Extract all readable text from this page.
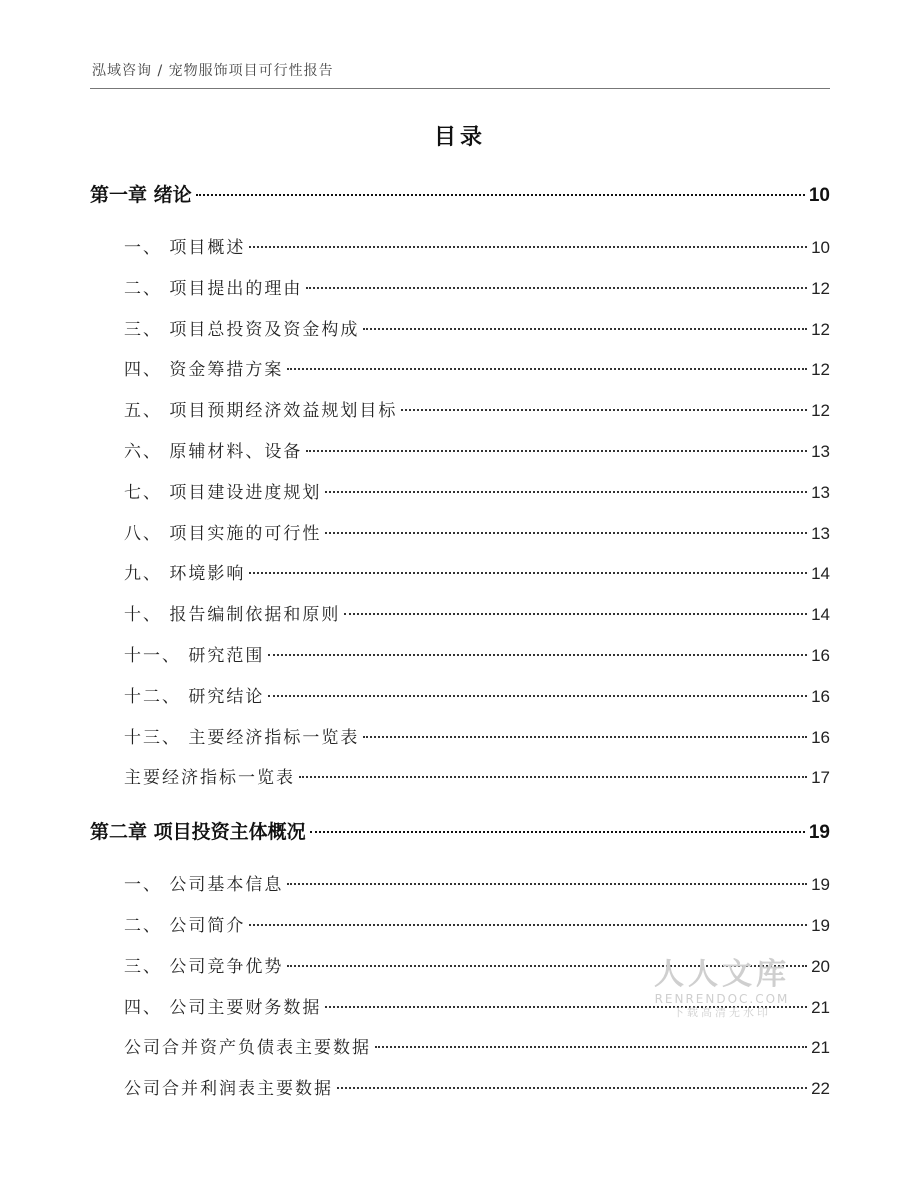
泓域咨询 / 宠物服饰项目可行性报告
目录
第一章 绪论	10
一、 项目概述	10
二、 项目提出的理由	12
三、 项目总投资及资金构成	12
四、 资金筹措方案	12
五、 项目预期经济效益规划目标	12
六、 原辅材料、设备	13
七、 项目建设进度规划	13
八、 项目实施的可行性	13
九、 环境影响	14
十、 报告编制依据和原则	14
十一、 研究范围	16
十二、 研究结论	16
十三、 主要经济指标一览表	16
主要经济指标一览表	17
第二章 项目投资主体概况	19
一、 公司基本信息	19
二、 公司简介	19
三、 公司竞争优势	20
四、 公司主要财务数据	21
公司合并资产负债表主要数据	21
公司合并利润表主要数据	22
人人文库
RENRENDOC.COM
下载高清无水印
